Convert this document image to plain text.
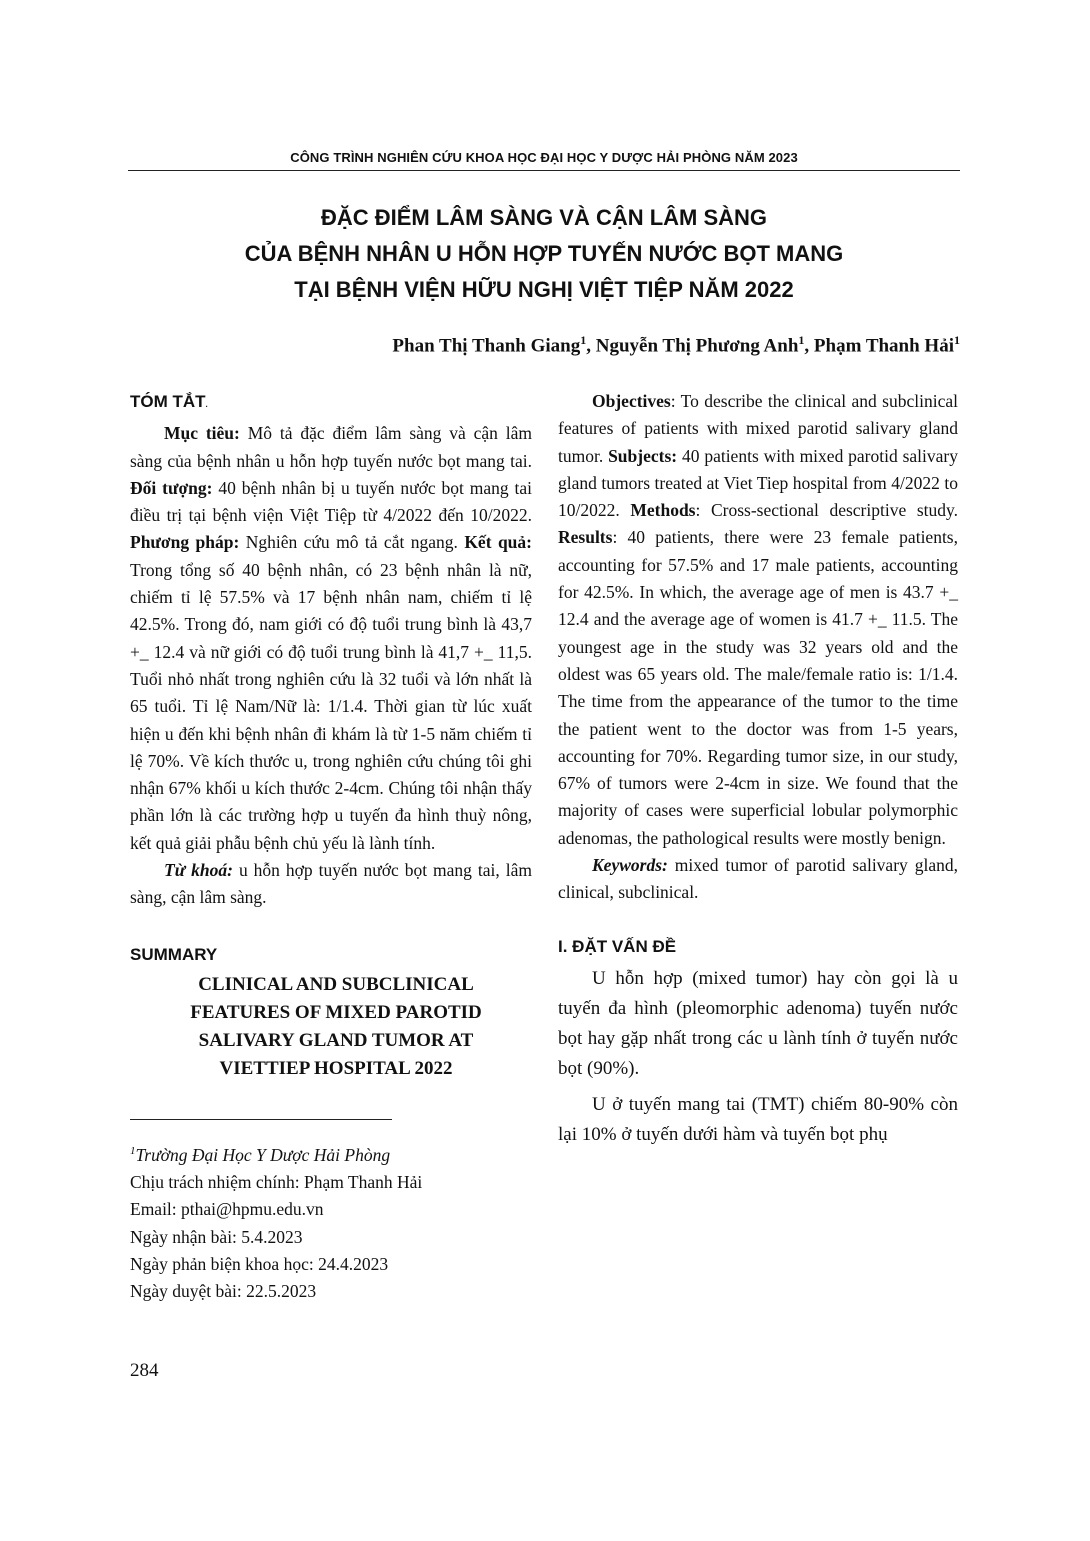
CÔNG TRÌNH NGHIÊN CỨU KHOA HỌC ĐẠI HỌC Y DƯỢC HẢI PHÒNG NĂM 2023
ĐẶC ĐIỂM LÂM SÀNG VÀ CẬN LÂM SÀNG
CỦA BỆNH NHÂN U HỖN HỢP TUYẾN NƯỚC BỌT MANG
TẠI BỆNH VIỆN HỮU NGHỊ VIỆT TIỆP NĂM 2022
Phan Thị Thanh Giang$^1$, Nguyễn Thị Phương Anh$^1$, Phạm Thanh Hải$^1$
TÓM TẮT.

Mục tiêu: Mô tả đặc điểm lâm sàng và cận lâm sàng của bệnh nhân u hỗn hợp tuyến nước bọt mang tai. Đối tượng: 40 bệnh nhân bị u tuyến nước bọt mang tai điều trị tại bệnh viện Việt Tiệp từ 4/2022 đến 10/2022. Phương pháp: Nghiên cứu mô tả cắt ngang. Kết quả: Trong tổng số 40 bệnh nhân, có 23 bệnh nhân là nữ, chiếm tỉ lệ 57.5% và 17 bệnh nhân nam, chiếm tỉ lệ 42.5%. Trong đó, nam giới có độ tuổi trung bình là 43,7 +_ 12.4 và nữ giới có độ tuổi trung bình là 41,7 +_ 11,5. Tuổi nhỏ nhất trong nghiên cứu là 32 tuổi và lớn nhất là 65 tuổi. Tỉ lệ Nam/Nữ là: 1/1.4. Thời gian từ lúc xuất hiện u đến khi bệnh nhân đi khám là từ 1-5 năm chiếm tỉ lệ 70%. Về kích thước u, trong nghiên cứu chúng tôi ghi nhận 67% khối u kích thước 2-4cm. Chúng tôi nhận thấy phần lớn là các trường hợp u tuyến đa hình thuỳ nông, kết quả giải phẫu bệnh chủ yếu là lành tính.

Từ khoá: u hỗn hợp tuyến nước bọt mang tai, lâm sàng, cận lâm sàng.

SUMMARY
CLINICAL AND SUBCLINICAL
FEATURES OF MIXED PAROTID
SALIVARY GLAND TUMOR AT
VIETTIEP HOSPITAL 2022
$^1$Trường Đại Học Y Dược Hải Phòng
Chịu trách nhiệm chính: Phạm Thanh Hải
Email: pthai@hpmu.edu.vn
Ngày nhận bài: 5.4.2023
Ngày phản biện khoa học: 24.4.2023
Ngày duyệt bài: 22.5.2023

Objectives: To describe the clinical and subclinical features of patients with mixed parotid salivary gland tumor. Subjects: 40 patients with mixed parotid salivary gland tumors treated at Viet Tiep hospital from 4/2022 to 10/2022. Methods: Cross-sectional descriptive study. Results: 40 patients, there were 23 female patients, accounting for 57.5% and 17 male patients, accounting for 42.5%. In which, the average age of men is 43.7 +_ 12.4 and the average age of women is 41.7 +_ 11.5. The youngest age in the study was 32 years old and the oldest was 65 years old. The male/female ratio is: 1/1.4. The time from the appearance of the tumor to the time the patient went to the doctor was from 1-5 years, accounting for 70%. Regarding tumor size, in our study, 67% of tumors were 2-4cm in size. We found that the majority of cases were superficial lobular polymorphic adenomas, the pathological results were mostly benign.

Keywords: mixed tumor of parotid salivary gland, clinical, subclinical.

I. ĐẶT VẤN ĐỀ

U hỗn hợp (mixed tumor) hay còn gọi là u tuyến đa hình (pleomorphic adenoma) tuyến nước bọt hay gặp nhất trong các u lành tính ở tuyến nước bọt (90%).

U ở tuyến mang tai (TMT) chiếm 80-90% còn lại 10% ở tuyến dưới hàm và tuyến bọt phụ

284
